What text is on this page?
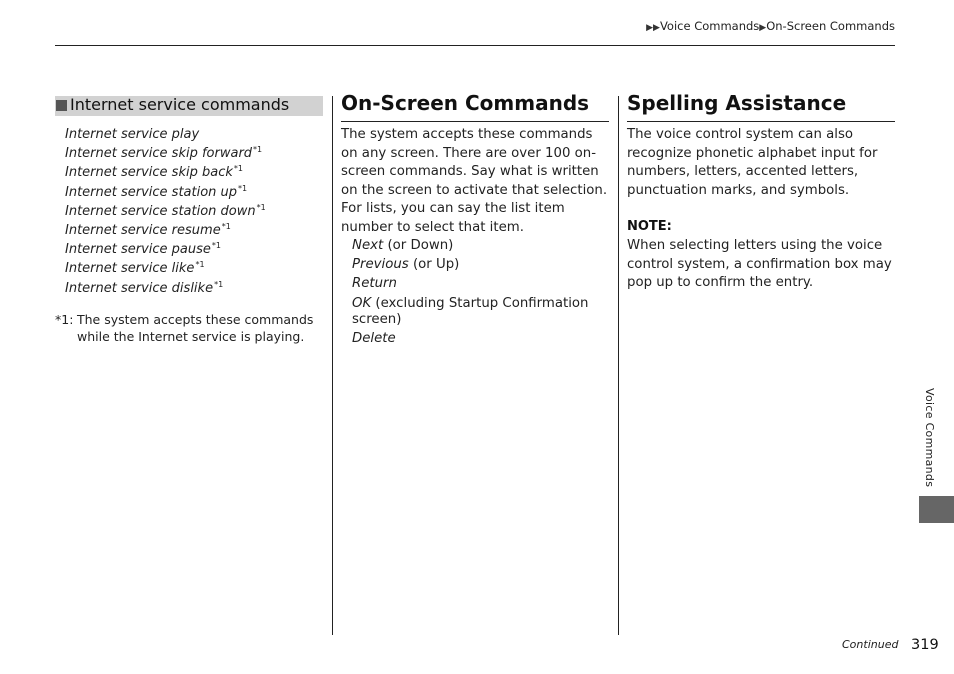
▶▶Voice Commands▶On-Screen Commands
Internet service commands
Internet service play
Internet service skip forward$^{*1}$
Internet service skip back$^{*1}$
Internet service station $up^{*1}$
Internet service station down$^{*1}$
Internet service resume$^{*1}$
Internet service pause$^{*1}$
Internet service like$^{*1}$
Internet service dislike$^{*1}$
*1: The system accepts these commands
while the Internet service is playing.
On-Screen Commands
The system accepts these commands on any screen. There are over 100 on-screen commands. Say what is written on the screen to activate that selection. For lists, you can say the list item number to select that item.
Next (or Down)
Previous (or Up)
Return
OK (excluding Startup Confirmation screen)
Delete
Spelling Assistance
The voice control system can also recognize phonetic alphabet input for numbers, letters, accented letters, punctuation marks, and symbols.
NOTE:
When selecting letters using the voice control system, a confirmation box may pop up to confirm the entry.
Voice Commands
Continued 319
